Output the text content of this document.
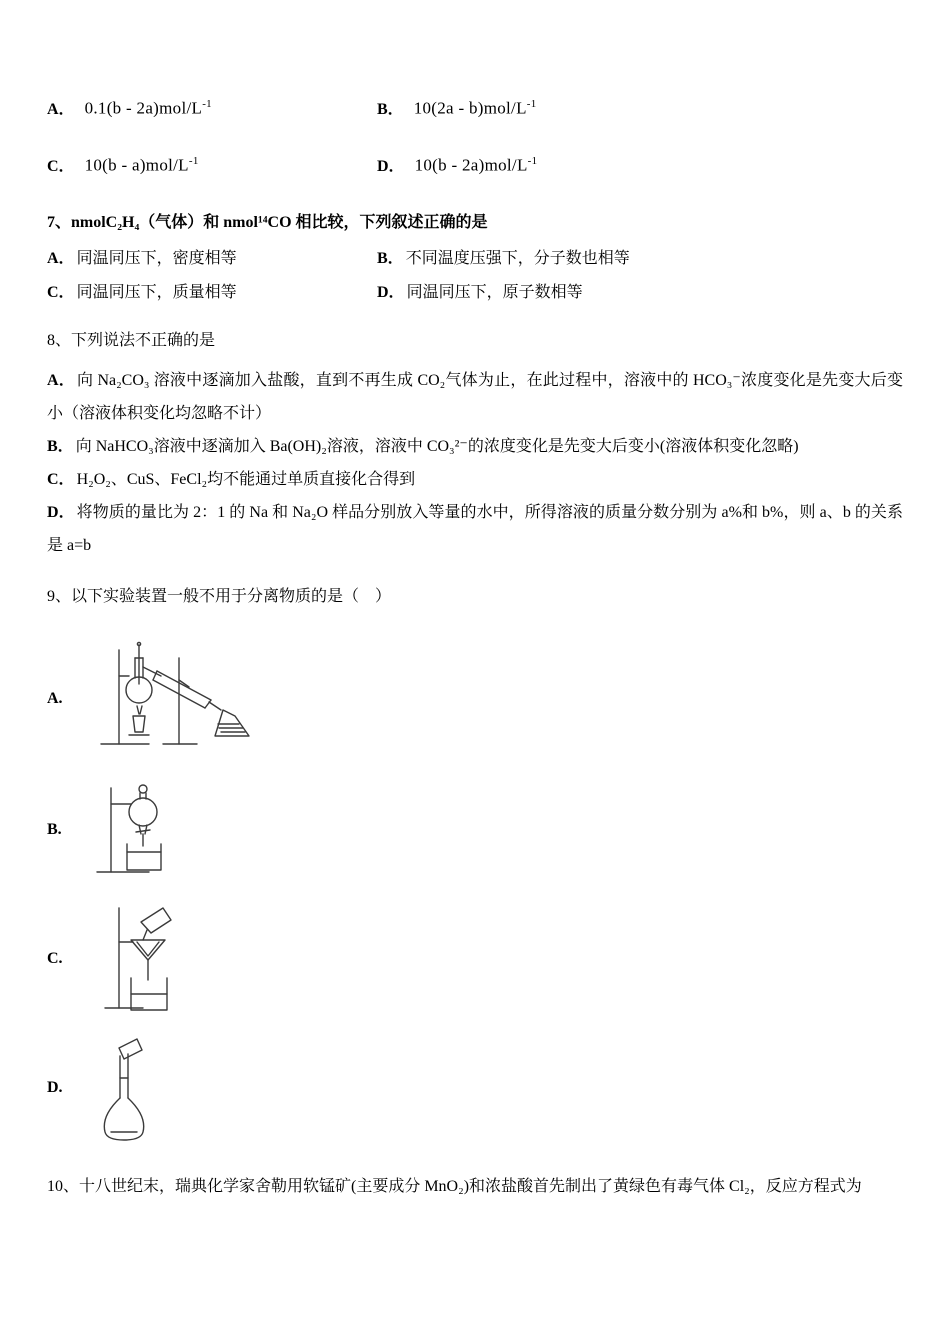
A． $0.1(b - 2a)mol/L^{-1}$	B． $10(2a - b)mol/L^{-1}$
C． $10(b - a)mol/L^{-1}$	D． $10(b - 2a)mol/L^{-1}$
7、nmolC₂H₄（气体）和 nmol¹⁴CO 相比较，下列叙述正确的是
A． 同温同压下，密度相等	B． 不同温度压强下，分子数也相等
C． 同温同压下，质量相等	D． 同温同压下，原子数相等
8、下列说法不正确的是

A． 向 Na₂CO₃ 溶液中逐滴加入盐酸，直到不再生成 CO₂气体为止，在此过程中，溶液中的 HCO₃⁻浓度变化是先变大后变小（溶液体积变化均忽略不计）

B． 向 NaHCO₃溶液中逐滴加入 Ba(OH)₂溶液，溶液中 CO₃²⁻的浓度变化是先变大后变小(溶液体积变化忽略)

C． H₂O₂、CuS、FeCl₂均不能通过单质直接化合得到

D． 将物质的量比为 2：1 的 Na 和 Na₂O 样品分别放入等量的水中，所得溶液的质量分数分别为 a%和 b%，则 a、b 的关系是 a=b

9、以下实验装置一般不用于分离物质的是（　）
A.
B.
C.
D.
10、十八世纪末，瑞典化学家舍勒用软锰矿(主要成分 MnO₂)和浓盐酸首先制出了黄绿色有毒气体 Cl₂，反应方程式为
